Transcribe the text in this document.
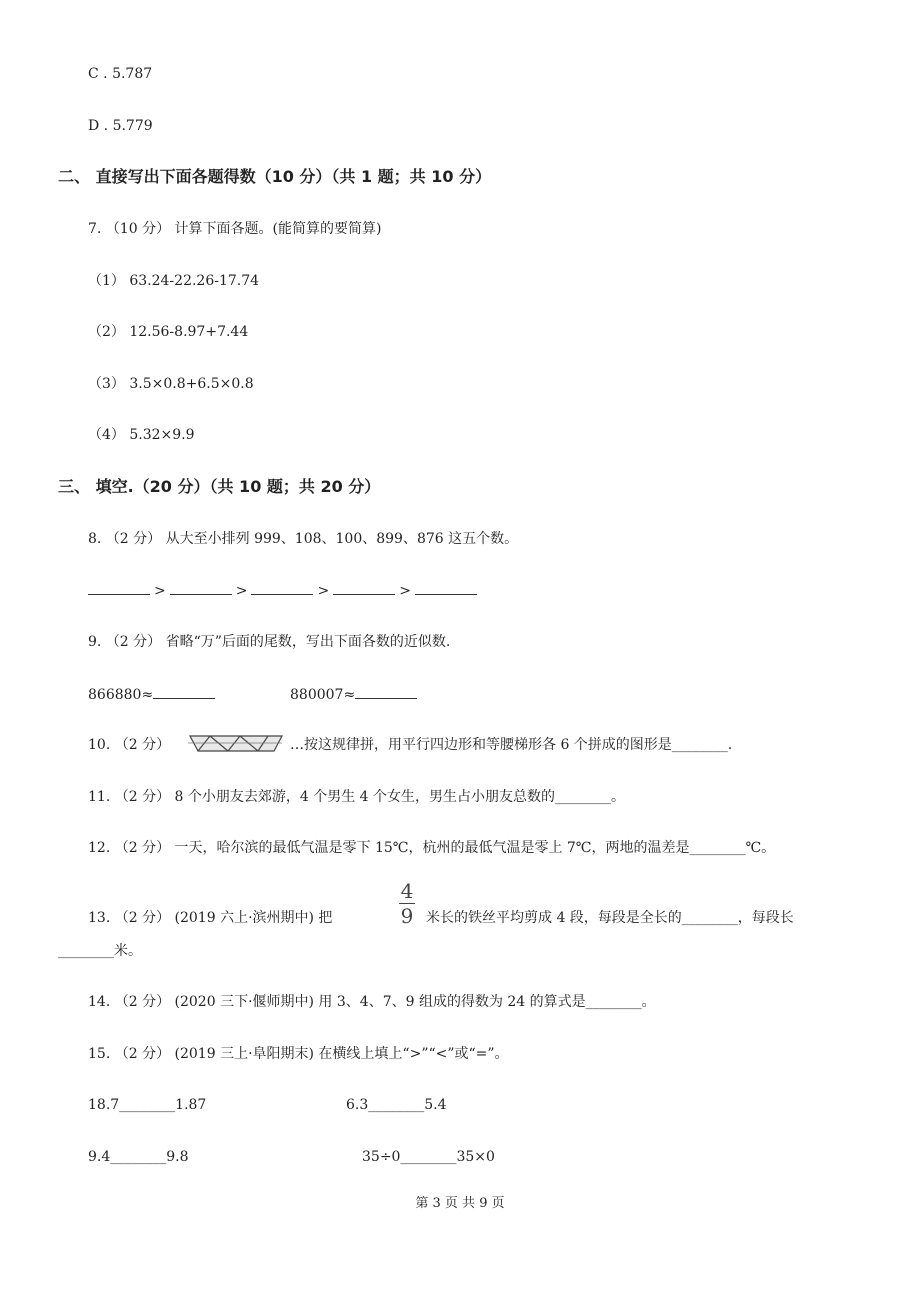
C . 5.787
D . 5.779
二、 直接写出下面各题得数（10 分）（共 1 题；共 10 分）
7. （10 分） 计算下面各题。(能简算的要简算)
（1） 63.24-22.26-17.74
（2） 12.56-8.97+7.44
（3） 3.5×0.8+6.5×0.8
（4） 5.32×9.9
三、 填空.（20 分）（共 10 题；共 20 分）
8. （2 分） 从大至小排列 999、108、100、899、876 这五个数。
>	>	>	>
9. （2 分） 省略“万”后面的尾数，写出下面各数的近似数.
866880≈	880007≈
10. （2 分）	…按这规律拼，用平行四边形和等腰梯形各 6 个拼成的图形是________.
11. （2 分） 8 个小朋友去郊游，4 个男生 4 个女生，男生占小朋友总数的________。
12. （2 分） 一天，哈尔滨的最低气温是零下 15℃，杭州的最低气温是零上 7℃，两地的温差是________℃。
13. （2 分） (2019 六上·滨州期中) 把
4
9 米长的铁丝平均剪成 4 段，每段是全长的________，每段长
________米。
14. （2 分） (2020 三下·偃师期中) 用 3、4、7、9 组成的得数为 24 的算式是________。
15. （2 分） (2019 三上·阜阳期末) 在横线上填上“>”“<”或“=”。
18.7________1.87	6.3________5.4
9.4________9.8	35÷0________35×0
第 3 页 共 9 页
